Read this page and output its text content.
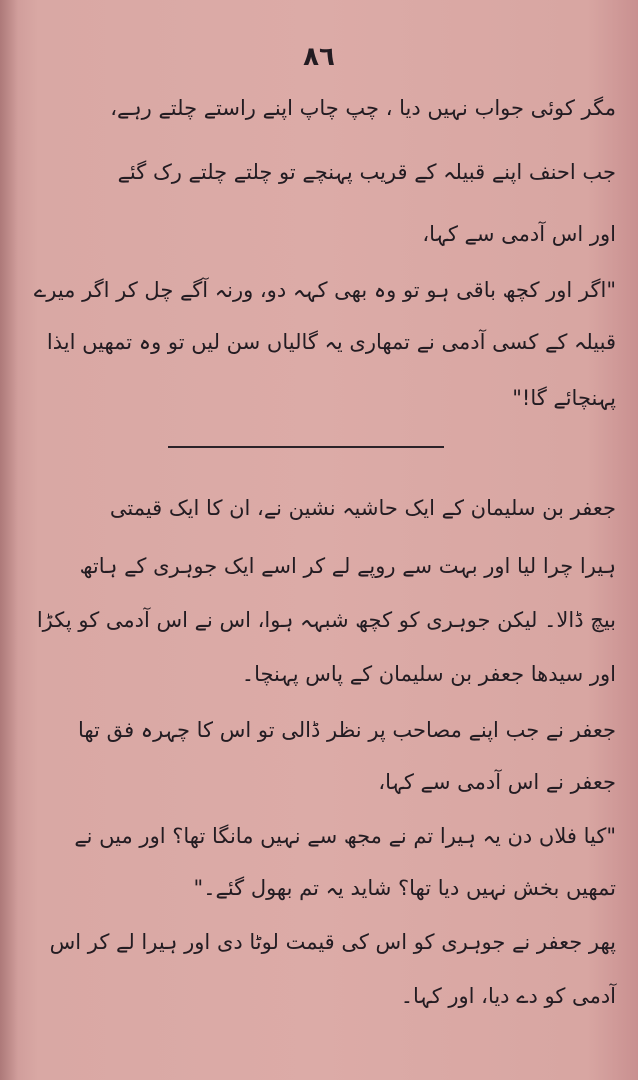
٨٦
مگر کوئی جواب نہیں دیا ، چپ چاپ اپنے راستے چلتے رہے،
جب احنف اپنے قبیلہ کے قریب پہنچے تو چلتے چلتے رک گئے
اور اس آدمی سے کہا،
"اگر اور کچھ باقی ہو تو وہ بھی کہہ دو، ورنہ آگے چل کر اگر میرے
قبیلہ کے کسی آدمی نے تمھاری یہ گالیاں سن لیں تو وہ تمھیں ایذا
پہنچائے گا!"
جعفر بن سلیمان کے ایک حاشیہ نشین نے، ان کا ایک قیمتی
ہیرا چرا لیا اور بہت سے روپے لے کر اسے ایک جوہری کے ہاتھ
بیچ ڈالا۔ لیکن جوہری کو کچھ شبہہ ہوا، اس نے اس آدمی کو پکڑا
اور سیدھا جعفر بن سلیمان کے پاس پہنچا۔
جعفر نے جب اپنے مصاحب پر نظر ڈالی تو اس کا چہرہ فق تھا
جعفر نے اس آدمی سے کہا،
"کیا فلاں دن یہ ہیرا تم نے مجھ سے نہیں مانگا تھا؟ اور میں نے
تمھیں بخش نہیں دیا تھا؟ شاید یہ تم بھول گئے۔"
پھر جعفر نے جوہری کو اس کی قیمت لوٹا دی اور ہیرا لے کر اس
آدمی کو دے دیا، اور کہا۔
